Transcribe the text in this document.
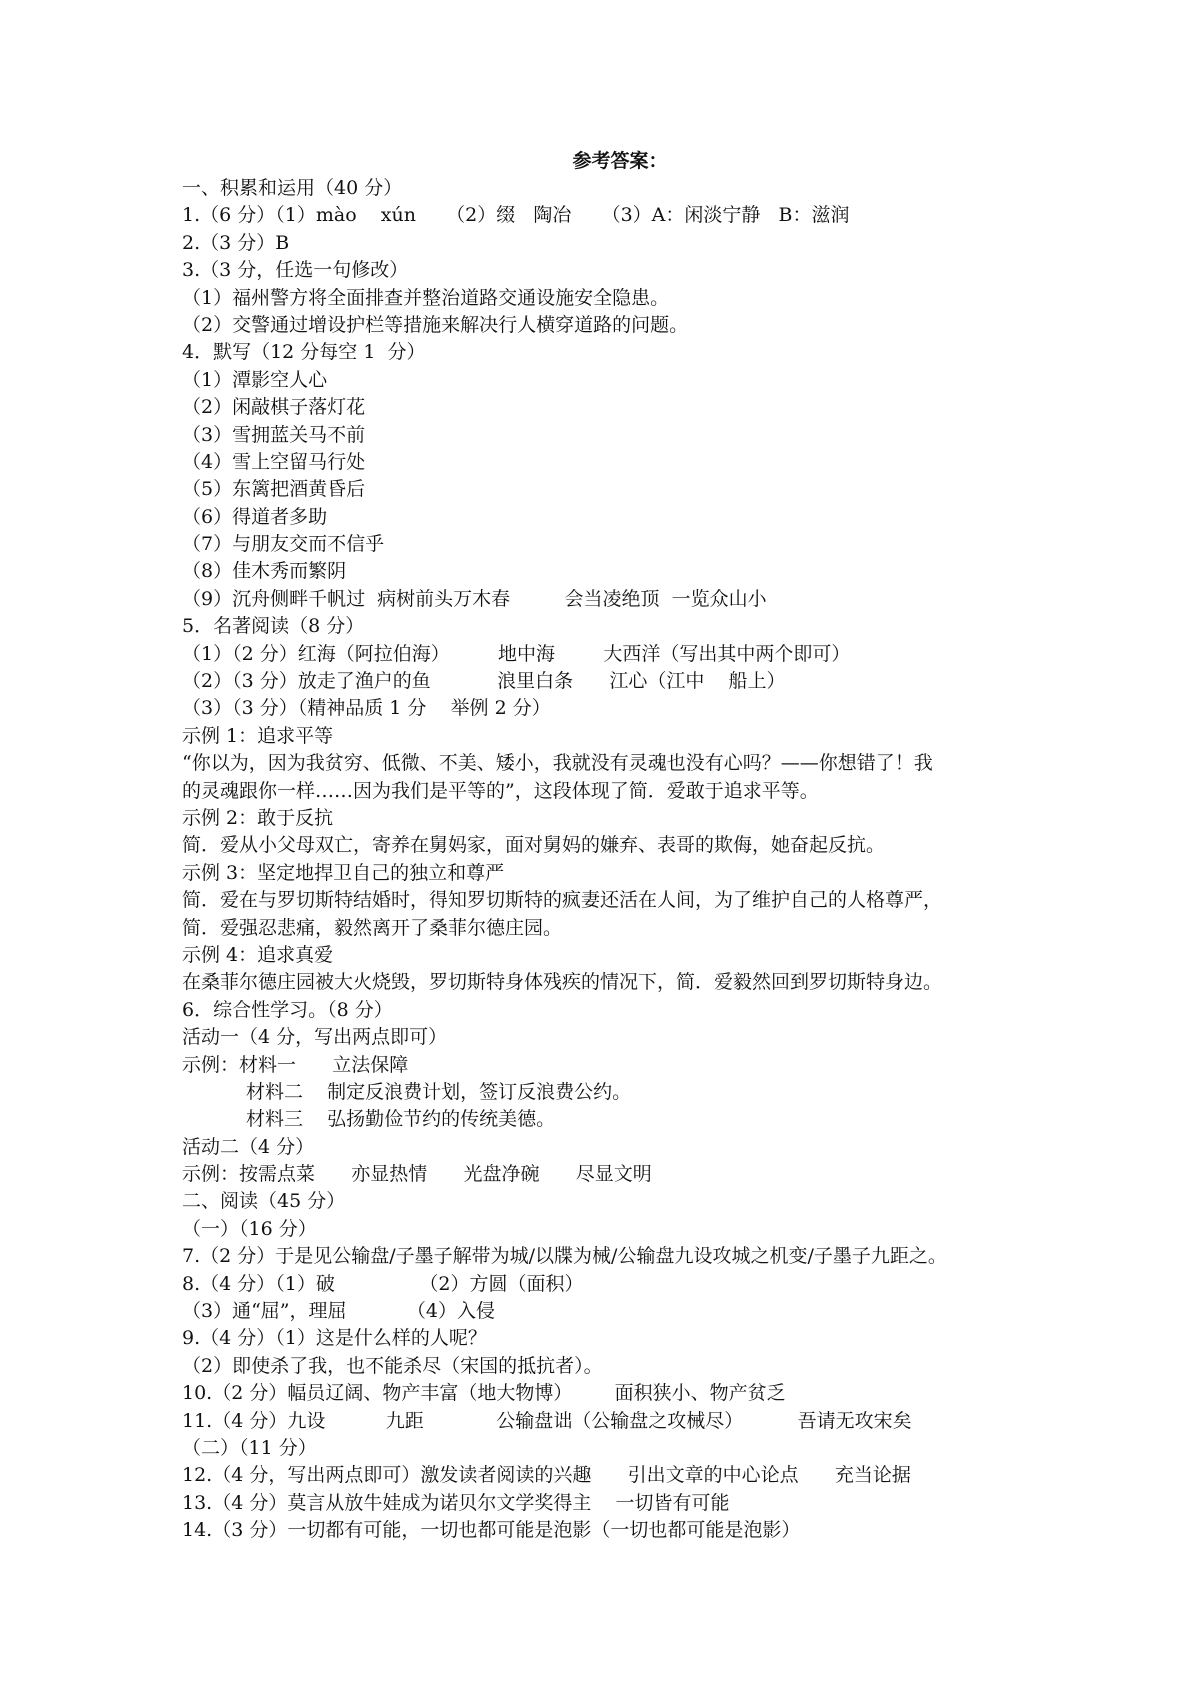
参考答案：
一、积累和运用（40 分）
1.（6 分）（1）mào    xún     （2）缀   陶冶     （3）A：闲淡宁静   B：滋润
2.（3 分）B
3.（3 分，任选一句修改）
（1）福州警方将全面排查并整治道路交通设施安全隐患。
（2）交警通过增设护栏等措施来解决行人横穿道路的问题。
4．默写（12 分每空 1  分）
（1）潭影空人心
（2）闲敲棋子落灯花
（3）雪拥蓝关马不前
（4）雪上空留马行处
（5）东篱把酒黄昏后
（6）得道者多助
（7）与朋友交而不信乎
（8）佳木秀而繁阴
（9）沉舟侧畔千帆过  病树前头万木春         会当凌绝顶  一览众山小
5．名著阅读（8 分）
（1）（2 分）红海（阿拉伯海）        地中海        大西洋（写出其中两个即可）
（2）（3 分）放走了渔户的鱼           浪里白条      江心（江中    船上）
（3）（3 分）（精神品质 1 分    举例 2 分）
示例 1：追求平等
“你以为，因为我贫穷、低微、不美、矮小，我就没有灵魂也没有心吗？——你想错了！我
的灵魂跟你一样……因为我们是平等的”，这段体现了简．爱敢于追求平等。
示例 2：敢于反抗
简．爱从小父母双亡，寄养在舅妈家，面对舅妈的嫌弃、表哥的欺侮，她奋起反抗。
示例 3：坚定地捍卫自己的独立和尊严
简．爱在与罗切斯特结婚时，得知罗切斯特的疯妻还活在人间，为了维护自己的人格尊严，
简．爱强忍悲痛，毅然离开了桑菲尔德庄园。
示例 4：追求真爱
在桑菲尔德庄园被大火烧毁，罗切斯特身体残疾的情况下，简．爱毅然回到罗切斯特身边。
6．综合性学习。（8 分）
活动一（4 分，写出两点即可）
示例：材料一      立法保障
材料二    制定反浪费计划，签订反浪费公约。
材料三    弘扬勤俭节约的传统美德。
活动二（4 分）
示例：按需点菜      亦显热情      光盘净碗      尽显文明
二、阅读（45 分）
（一）（16 分）
7.（2 分）于是见公输盘/子墨子解带为城/以牒为械/公输盘九设攻城之机变/子墨子九距之。
8.（4 分）（1）破              （2）方圆（面积）
（3）通“屈”，理屈          （4）入侵
9.（4 分）（1）这是什么样的人呢？
（2）即使杀了我，也不能杀尽（宋国的抵抗者）。
10.（2 分）幅员辽阔、物产丰富（地大物博）       面积狭小、物产贫乏
11.（4 分）九设          九距            公输盘诎（公输盘之攻械尽）         吾请无攻宋矣
（二）（11 分）
12.（4 分，写出两点即可）激发读者阅读的兴趣      引出文章的中心论点      充当论据
13.（4 分）莫言从放牛娃成为诺贝尔文学奖得主    一切皆有可能
14.（3 分）一切都有可能，一切也都可能是泡影（一切也都可能是泡影）
